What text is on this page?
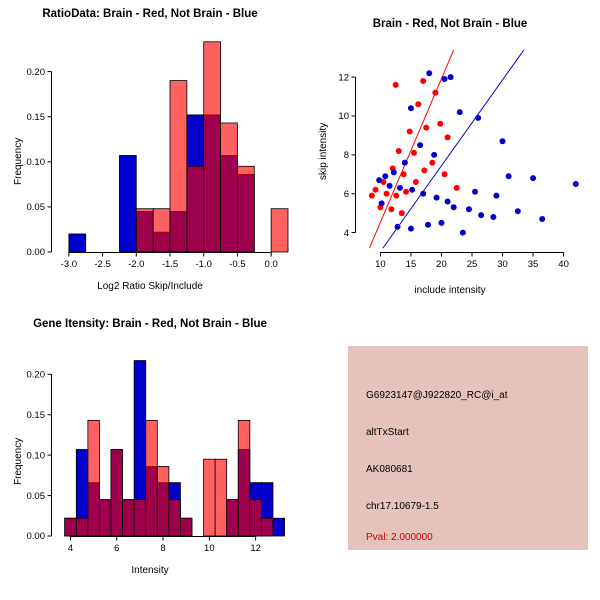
RatioData: Brain - Red, Not Brain - Blue
-3.0 -2.5 -2.0 -1.5 -1.0 -0.5 0.0
0.00
0.05
0.10
0.15
0.20
Log2 Ratio Skip/Include
Frequency
Brain - Red, Not Brain - Blue
10 15 20 25 30 35 40
4
6
8
10
12
include intensity
skip intensity
Gene Itensity: Brain - Red, Not Brain - Blue
4	6	8	10	12
0.00
0.05
0.10
0.15
0.20
Intensity
Frequency
G6923147@J922820_RC@i_at
altTxStart
AK080681
chr17.10679-1.5
Pval: 2.000000
